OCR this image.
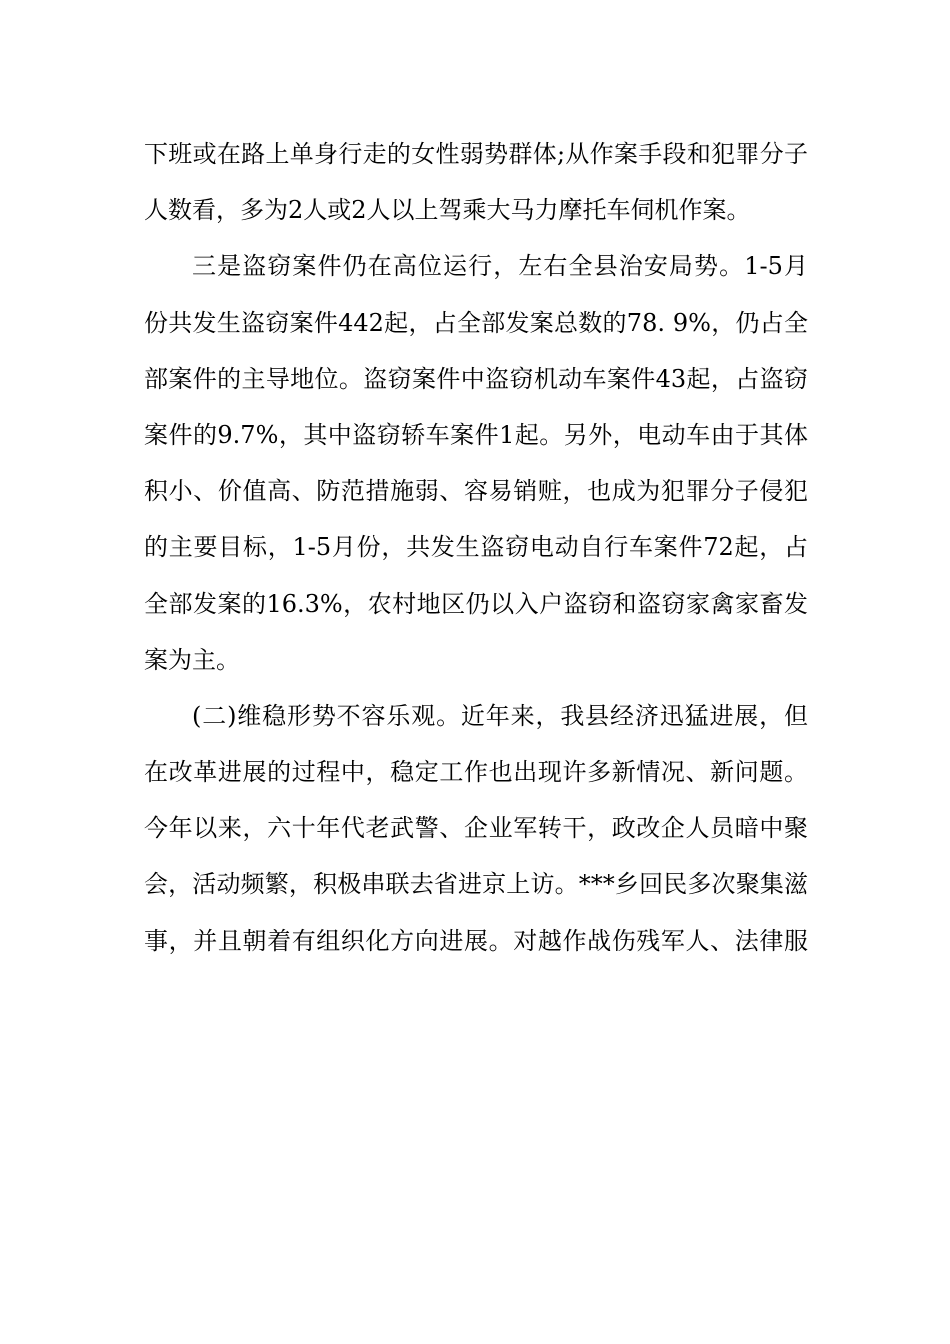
下班或在路上单身行走的女性弱势群体;从作案手段和犯罪分子
人数看，多为2人或2人以上驾乘大马力摩托车伺机作案。
三是盗窃案件仍在高位运行，左右全县治安局势。1-5月
份共发生盗窃案件442起，占全部发案总数的78. 9%，仍占全
部案件的主导地位。盗窃案件中盗窃机动车案件43起，占盗窃
案件的9.7%，其中盗窃轿车案件1起。另外，电动车由于其体
积小、价值高、防范措施弱、容易销赃，也成为犯罪分子侵犯
的主要目标，1-5月份，共发生盗窃电动自行车案件72起，占
全部发案的16.3%，农村地区仍以入户盗窃和盗窃家禽家畜发
案为主。
(二)维稳形势不容乐观。近年来，我县经济迅猛进展，但
在改革进展的过程中，稳定工作也出现许多新情况、新问题。
今年以来，六十年代老武警、企业军转干，政改企人员暗中聚
会，活动频繁，积极串联去省进京上访。***乡回民多次聚集滋
事，并且朝着有组织化方向进展。对越作战伤残军人、法律服
